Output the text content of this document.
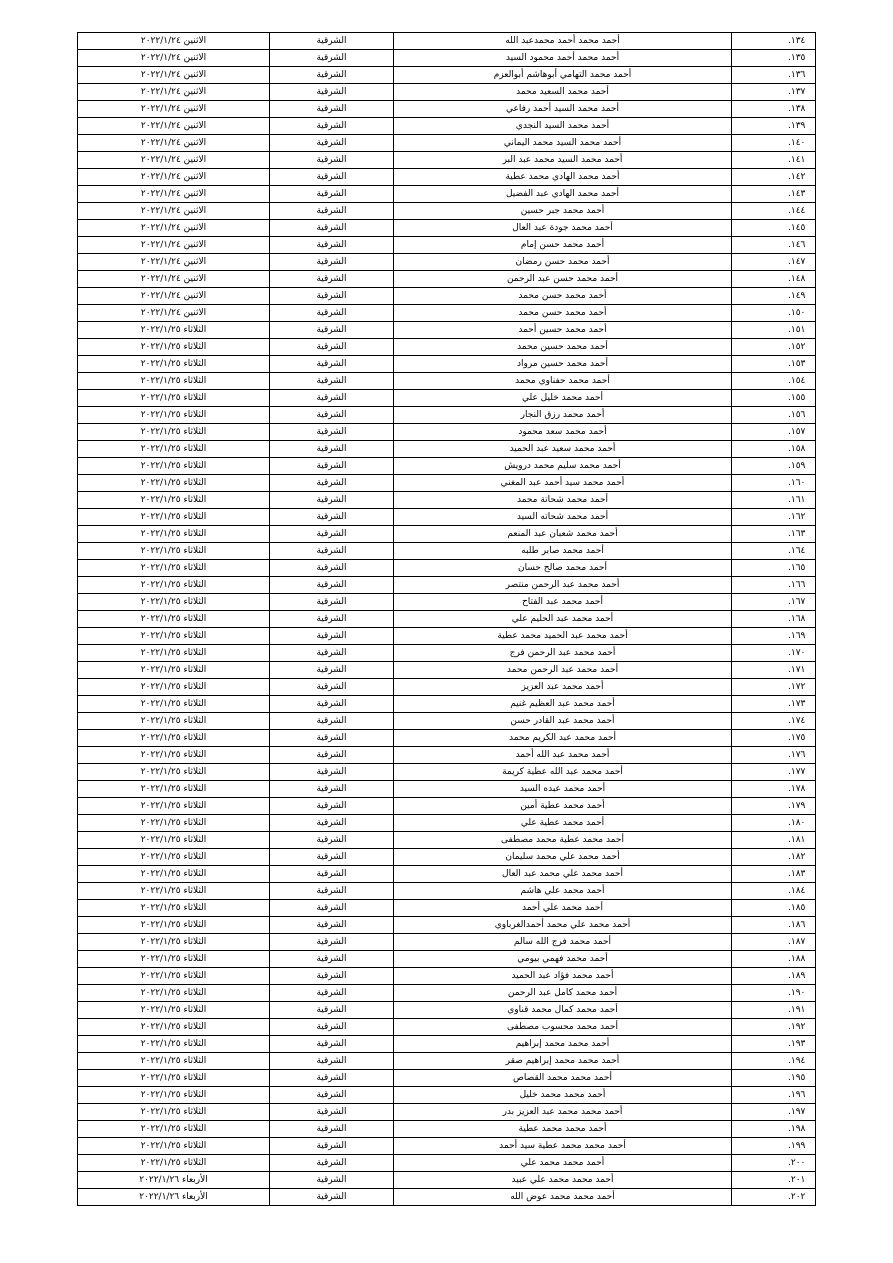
الاثنين ٢٠٢٢/١/٢٤	الشرقية	أحمد محمد أحمد محمدعبد الله	١٣٤.
الاثنين ٢٠٢٢/١/٢٤	الشرقية	أحمد محمد أحمد محمود السيد	١٣٥.
الاثنين ٢٠٢٢/١/٢٤	الشرقية	أحمد محمد التهامي أبوهاشم أبوالعزم	١٣٦.
الاثنين ٢٠٢٢/١/٢٤	الشرقية	أحمد محمد السعيد محمد	١٣٧.
الاثنين ٢٠٢٢/١/٢٤	الشرقية	أحمد محمد السيد أحمد رفاعي	١٣٨.
الاثنين ٢٠٢٢/١/٢٤	الشرقية	أحمد محمد السيد النجدي	١٣٩.
الاثنين ٢٠٢٢/١/٢٤	الشرقية	أحمد محمد السيد محمد اليماني	١٤٠.
الاثنين ٢٠٢٢/١/٢٤	الشرقية	أحمد محمد السيد محمد عبد البر	١٤١.
الاثنين ٢٠٢٢/١/٢٤	الشرقية	أحمد محمد الهادي محمد عطية	١٤٢.
الاثنين ٢٠٢٢/١/٢٤	الشرقية	أحمد محمد الهادي عبد الفضيل	١٤٣.
الاثنين ٢٠٢٢/١/٢٤	الشرقية	أحمد محمد جبر حسين	١٤٤.
الاثنين ٢٠٢٢/١/٢٤	الشرقية	أحمد محمد جودة عبد العال	١٤٥.
الاثنين ٢٠٢٢/١/٢٤	الشرقية	أحمد محمد حسن إمام	١٤٦.
الاثنين ٢٠٢٢/١/٢٤	الشرقية	أحمد محمد حسن رمضان	١٤٧.
الاثنين ٢٠٢٢/١/٢٤	الشرقية	أحمد محمد حسن عبد الرحمن	١٤٨.
الاثنين ٢٠٢٢/١/٢٤	الشرقية	أحمد محمد حسن محمد	١٤٩.
الاثنين ٢٠٢٢/١/٢٤	الشرقية	أحمد محمد حسن محمد	١٥٠.
الثلاثاء ٢٠٢٢/١/٢٥	الشرقية	أحمد محمد حسين أحمد	١٥١.
الثلاثاء ٢٠٢٢/١/٢٥	الشرقية	أحمد محمد حسين محمد	١٥٢.
الثلاثاء ٢٠٢٢/١/٢٥	الشرقية	أحمد محمد حسين مرواد	١٥٣.
الثلاثاء ٢٠٢٢/١/٢٥	الشرقية	أحمد محمد حفناوي محمد	١٥٤.
الثلاثاء ٢٠٢٢/١/٢٥	الشرقية	أحمد محمد خليل علي	١٥٥.
الثلاثاء ٢٠٢٢/١/٢٥	الشرقية	أحمد محمد رزق النجار	١٥٦.
الثلاثاء ٢٠٢٢/١/٢٥	الشرقية	أحمد محمد سعد محمود	١٥٧.
الثلاثاء ٢٠٢٢/١/٢٥	الشرقية	أحمد محمد سعيد عبد الحميد	١٥٨.
الثلاثاء ٢٠٢٢/١/٢٥	الشرقية	أحمد محمد سليم محمد درويش	١٥٩.
الثلاثاء ٢٠٢٢/١/٢٥	الشرقية	أحمد محمد سيد أحمد عبد المغني	١٦٠.
الثلاثاء ٢٠٢٢/١/٢٥	الشرقية	أحمد محمد شحاتة محمد	١٦١.
الثلاثاء ٢٠٢٢/١/٢٥	الشرقية	أحمد محمد شحاته السيد	١٦٢.
الثلاثاء ٢٠٢٢/١/٢٥	الشرقية	أحمد محمد شعبان عبد المنعم	١٦٣.
الثلاثاء ٢٠٢٢/١/٢٥	الشرقية	أحمد محمد صابر طلبه	١٦٤.
الثلاثاء ٢٠٢٢/١/٢٥	الشرقية	أحمد محمد صالح حسان	١٦٥.
الثلاثاء ٢٠٢٢/١/٢٥	الشرقية	أحمد محمد عبد الرحمن منتصر	١٦٦.
الثلاثاء ٢٠٢٢/١/٢٥	الشرقية	أحمد محمد عبد الفتاح	١٦٧.
الثلاثاء ٢٠٢٢/١/٢٥	الشرقية	أحمد محمد عبد الحليم علي	١٦٨.
الثلاثاء ٢٠٢٢/١/٢٥	الشرقية	أحمد محمد عبد الحميد محمد عطية	١٦٩.
الثلاثاء ٢٠٢٢/١/٢٥	الشرقية	أحمد محمد عبد الرحمن فرج	١٧٠.
الثلاثاء ٢٠٢٢/١/٢٥	الشرقية	أحمد محمد عبد الرحمن محمد	١٧١.
الثلاثاء ٢٠٢٢/١/٢٥	الشرقية	أحمد محمد عبد العزيز	١٧٢.
الثلاثاء ٢٠٢٢/١/٢٥	الشرقية	أحمد محمد عبد العظيم غنيم	١٧٣.
الثلاثاء ٢٠٢٢/١/٢٥	الشرقية	أحمد محمد عبد القادر حسن	١٧٤.
الثلاثاء ٢٠٢٢/١/٢٥	الشرقية	أحمد محمد عبد الكريم محمد	١٧٥.
الثلاثاء ٢٠٢٢/١/٢٥	الشرقية	أحمد محمد عبد الله أحمد	١٧٦.
الثلاثاء ٢٠٢٢/١/٢٥	الشرقية	أحمد محمد عبد الله عطية كريمة	١٧٧.
الثلاثاء ٢٠٢٢/١/٢٥	الشرقية	أحمد محمد عبده السيد	١٧٨.
الثلاثاء ٢٠٢٢/١/٢٥	الشرقية	أحمد محمد عطية أمين	١٧٩.
الثلاثاء ٢٠٢٢/١/٢٥	الشرقية	أحمد محمد عطية علي	١٨٠.
الثلاثاء ٢٠٢٢/١/٢٥	الشرقية	أحمد محمد عطية محمد مصطفى	١٨١.
الثلاثاء ٢٠٢٢/١/٢٥	الشرقية	أحمد محمد علي محمد سليمان	١٨٢.
الثلاثاء ٢٠٢٢/١/٢٥	الشرقية	أحمد محمد علي محمد عبد العال	١٨٣.
الثلاثاء ٢٠٢٢/١/٢٥	الشرقية	أحمد محمد علي هاشم	١٨٤.
الثلاثاء ٢٠٢٢/١/٢٥	الشرقية	أحمد محمد علي أحمد	١٨٥.
الثلاثاء ٢٠٢٢/١/٢٥	الشرقية	أحمد محمد علي محمد أحمدالغرباوي	١٨٦.
الثلاثاء ٢٠٢٢/١/٢٥	الشرقية	أحمد محمد فرج الله سالم	١٨٧.
الثلاثاء ٢٠٢٢/١/٢٥	الشرقية	أحمد محمد فهمي بيومي	١٨٨.
الثلاثاء ٢٠٢٢/١/٢٥	الشرقية	أحمد محمد فؤاد عبد الحميد	١٨٩.
الثلاثاء ٢٠٢٢/١/٢٥	الشرقية	أحمد محمد كامل عبد الرحمن	١٩٠.
الثلاثاء ٢٠٢٢/١/٢٥	الشرقية	أحمد محمد كمال محمد قناوي	١٩١.
الثلاثاء ٢٠٢٢/١/٢٥	الشرقية	أحمد محمد محسوب مصطفى	١٩٢.
الثلاثاء ٢٠٢٢/١/٢٥	الشرقية	أحمد محمد محمد إبراهيم	١٩٣.
الثلاثاء ٢٠٢٢/١/٢٥	الشرقية	أحمد محمد محمد إبراهيم صقر	١٩٤.
الثلاثاء ٢٠٢٢/١/٢٥	الشرقية	أحمد محمد محمد القصاص	١٩٥.
الثلاثاء ٢٠٢٢/١/٢٥	الشرقية	أحمد محمد محمد خليل	١٩٦.
الثلاثاء ٢٠٢٢/١/٢٥	الشرقية	أحمد محمد محمد عبد العزيز بدر	١٩٧.
الثلاثاء ٢٠٢٢/١/٢٥	الشرقية	أحمد محمد محمد عطية	١٩٨.
الثلاثاء ٢٠٢٢/١/٢٥	الشرقية	أحمد محمد محمد عطية سيد أحمد	١٩٩.
الثلاثاء ٢٠٢٢/١/٢٥	الشرقية	أحمد محمد محمد علي	٢٠٠.
الأربعاء ٢٠٢٢/١/٢٦	الشرقية	أحمد محمد محمد علي عبيد	٢٠١.
الأربعاء ٢٠٢٢/١/٢٦	الشرقية	أحمد محمد محمد عوض الله	٢٠٢.
